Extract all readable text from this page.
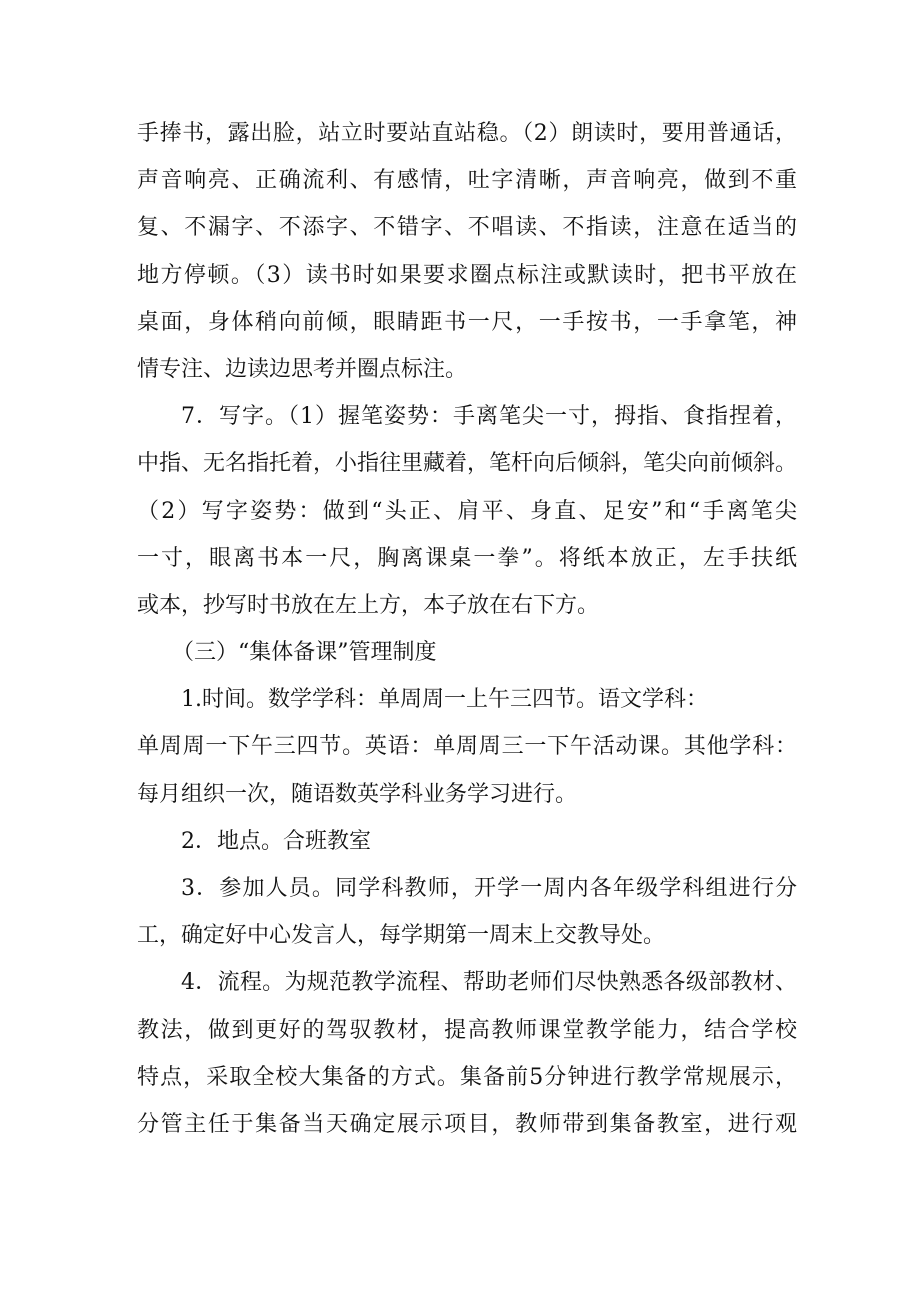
手捧书，露出脸，站立时要站直站稳。（2）朗读时，要用普通话，
声音响亮、正确流利、有感情，吐字清晰，声音响亮，做到不重
复、不漏字、不添字、不错字、不唱读、不指读，注意在适当的
地方停顿。（3）读书时如果要求圈点标注或默读时，把书平放在
桌面，身体稍向前倾，眼睛距书一尺，一手按书，一手拿笔，神
情专注、边读边思考并圈点标注。
7．写字。（1）握笔姿势：手离笔尖一寸，拇指、食指捏着，
中指、无名指托着，小指往里藏着，笔杆向后倾斜，笔尖向前倾斜。
（2）写字姿势：做到“头正、肩平、身直、足安”和“手离笔尖
一寸，眼离书本一尺，胸离课桌一拳”。将纸本放正，左手扶纸
或本，抄写时书放在左上方，本子放在右下方。
（三）“集体备课”管理制度
1.时间。数学学科：单周周一上午三四节。语文学科：
单周周一下午三四节。英语：单周周三一下午活动课。其他学科：
每月组织一次，随语数英学科业务学习进行。
2．地点。合班教室
3．参加人员。同学科教师，开学一周内各年级学科组进行分
工，确定好中心发言人，每学期第一周末上交教导处。
4．流程。为规范教学流程、帮助老师们尽快熟悉各级部教材、
教法，做到更好的驾驭教材，提高教师课堂教学能力，结合学校
特点，采取全校大集备的方式。集备前5分钟进行教学常规展示，
分管主任于集备当天确定展示项目，教师带到集备教室，进行观
